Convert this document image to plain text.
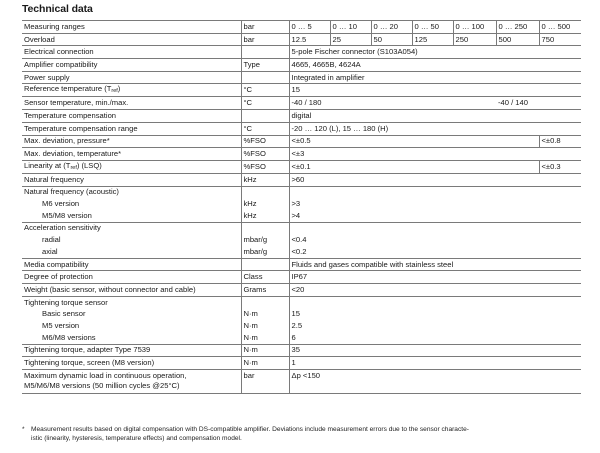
Technical data
Measuring ranges	bar	0 … 5	0 … 10	0 … 20	0 … 50	0 … 100	0 … 250	0 … 500
Overload	bar	12.5	25	50	125	250	500	750
Electrical connection		5-pole Fischer connector (S103A054)						
Amplifier compatibility	Type	4665, 4665B, 4624A						
Power supply		Integrated in amplifier						
Reference temperature (Tref)	°C	15						
Sensor temperature, min./max.	°C	-40 / 180					-40 / 140	
Temperature compensation		digital						
Temperature compensation range	°C	-20 … 120 (L), 15 … 180 (H)						
Max. deviation, pressure*	%FSO	<±0.5						<±0.8
Max. deviation, temperature*	%FSO	<±3						
Linearity at (Tref) (LSQ)	%FSO	<±0.1						<±0.3
Natural frequency	kHz	>60						
Natural frequency (acoustic)								
M6 version	kHz	>3						
M5/M8 version	kHz	>4						
Acceleration sensitivity								
radial	mbar/g	<0.4						
axial	mbar/g	<0.2						
Media compatibility		Fluids and gases compatible with stainless steel						
Degree of protection	Class	IP67						
Weight (basic sensor, without connector and cable)	Grams	<20						
Tightening torque sensor								
Basic sensor	N·m	15						
M5 version	N·m	2.5						
M6/M8 versions	N·m	6						
Tightening torque, adapter Type 7539	N·m	35						
Tightening torque, screen (M8 version)	N·m	1						
Maximum dynamic load in continuous operation,
M5/M6/M8 versions (50 million cycles @25°C)	bar	Δp <150						
* Measurement results based on digital compensation with DS-compatible amplifier. Deviations include measurement errors due to the sensor characte-
istic (linearity, hysteresis, temperature effects) and compensation model.
